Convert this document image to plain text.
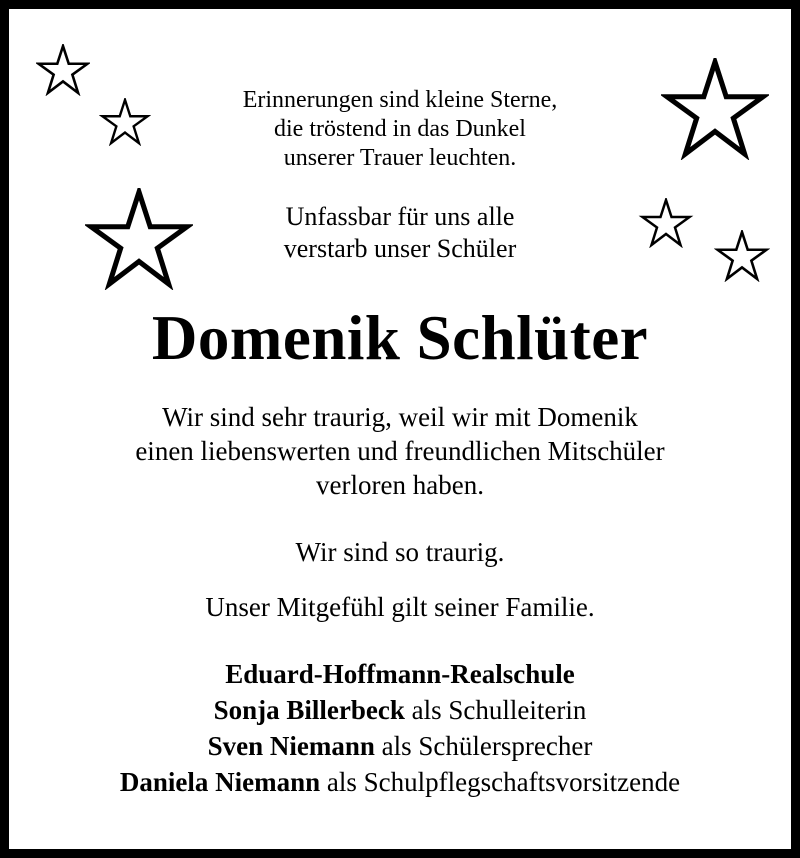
Erinnerungen sind kleine Sterne,
die tröstend in das Dunkel
unserer Trauer leuchten.
Unfassbar für uns alle
verstarb unser Schüler
Domenik Schlüter
Wir sind sehr traurig, weil wir mit Domenik
einen liebenswerten und freundlichen Mitschüler
verloren haben.
Wir sind so traurig.
Unser Mitgefühl gilt seiner Familie.
Eduard-Hoffmann-Realschule
Sonja Billerbeck als Schulleiterin
Sven Niemann als Schülersprecher
Daniela Niemann als Schulpflegschaftsvorsitzende
